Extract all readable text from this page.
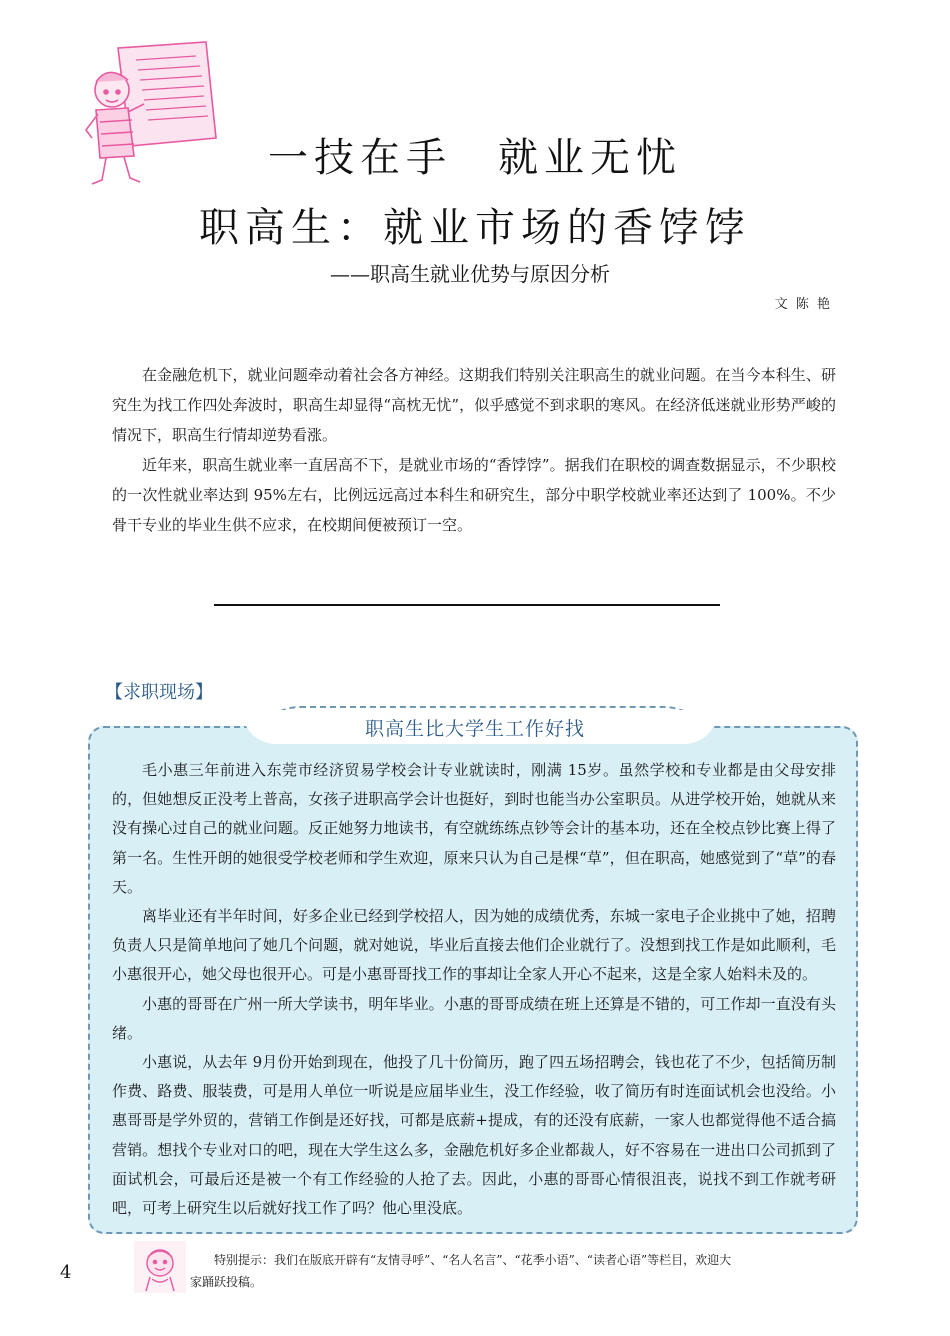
一技在手　就业无忧
职高生：就业市场的香饽饽
——职高生就业优势与原因分析
文 陈 艳

在金融危机下，就业问题牵动着社会各方神经。这期我们特别关注职高生的就业问题。在当今本科生、研究生为找工作四处奔波时，职高生却显得“高枕无忧”，似乎感觉不到求职的寒风。在经济低迷就业形势严峻的情况下，职高生行情却逆势看涨。

近年来，职高生就业率一直居高不下，是就业市场的“香饽饽”。据我们在职校的调查数据显示，不少职校的一次性就业率达到 95%左右，比例远远高过本科生和研究生，部分中职学校就业率还达到了 100%。不少骨干专业的毕业生供不应求，在校期间便被预订一空。

【求职现场】
职高生比大学生工作好找

毛小惠三年前进入东莞市经济贸易学校会计专业就读时，刚满 15岁。虽然学校和专业都是由父母安排的，但她想反正没考上普高，女孩子进职高学会计也挺好，到时也能当办公室职员。从进学校开始，她就从来没有操心过自己的就业问题。反正她努力地读书，有空就练练点钞等会计的基本功，还在全校点钞比赛上得了第一名。生性开朗的她很受学校老师和学生欢迎，原来只认为自己是棵“草”，但在职高，她感觉到了“草”的春天。

离毕业还有半年时间，好多企业已经到学校招人，因为她的成绩优秀，东城一家电子企业挑中了她，招聘负责人只是简单地问了她几个问题，就对她说，毕业后直接去他们企业就行了。没想到找工作是如此顺利，毛小惠很开心，她父母也很开心。可是小惠哥哥找工作的事却让全家人开心不起来，这是全家人始料未及的。

小惠的哥哥在广州一所大学读书，明年毕业。小惠的哥哥成绩在班上还算是不错的，可工作却一直没有头绪。

小惠说，从去年 9月份开始到现在，他投了几十份简历，跑了四五场招聘会，钱也花了不少，包括简历制作费、路费、服装费，可是用人单位一听说是应届毕业生，没工作经验，收了简历有时连面试机会也没给。小惠哥哥是学外贸的，营销工作倒是还好找，可都是底薪+提成，有的还没有底薪，一家人也都觉得他不适合搞营销。想找个专业对口的吧，现在大学生这么多，金融危机好多企业都裁人，好不容易在一进出口公司抓到了面试机会，可最后还是被一个有工作经验的人抢了去。因此，小惠的哥哥心情很沮丧，说找不到工作就考研吧，可考上研究生以后就好找工作了吗？他心里没底。

4
特别提示：我们在版底开辟有“友情寻呼”、“名人名言”、“花季小语”、“读者心语”等栏目，欢迎大
家踊跃投稿。
